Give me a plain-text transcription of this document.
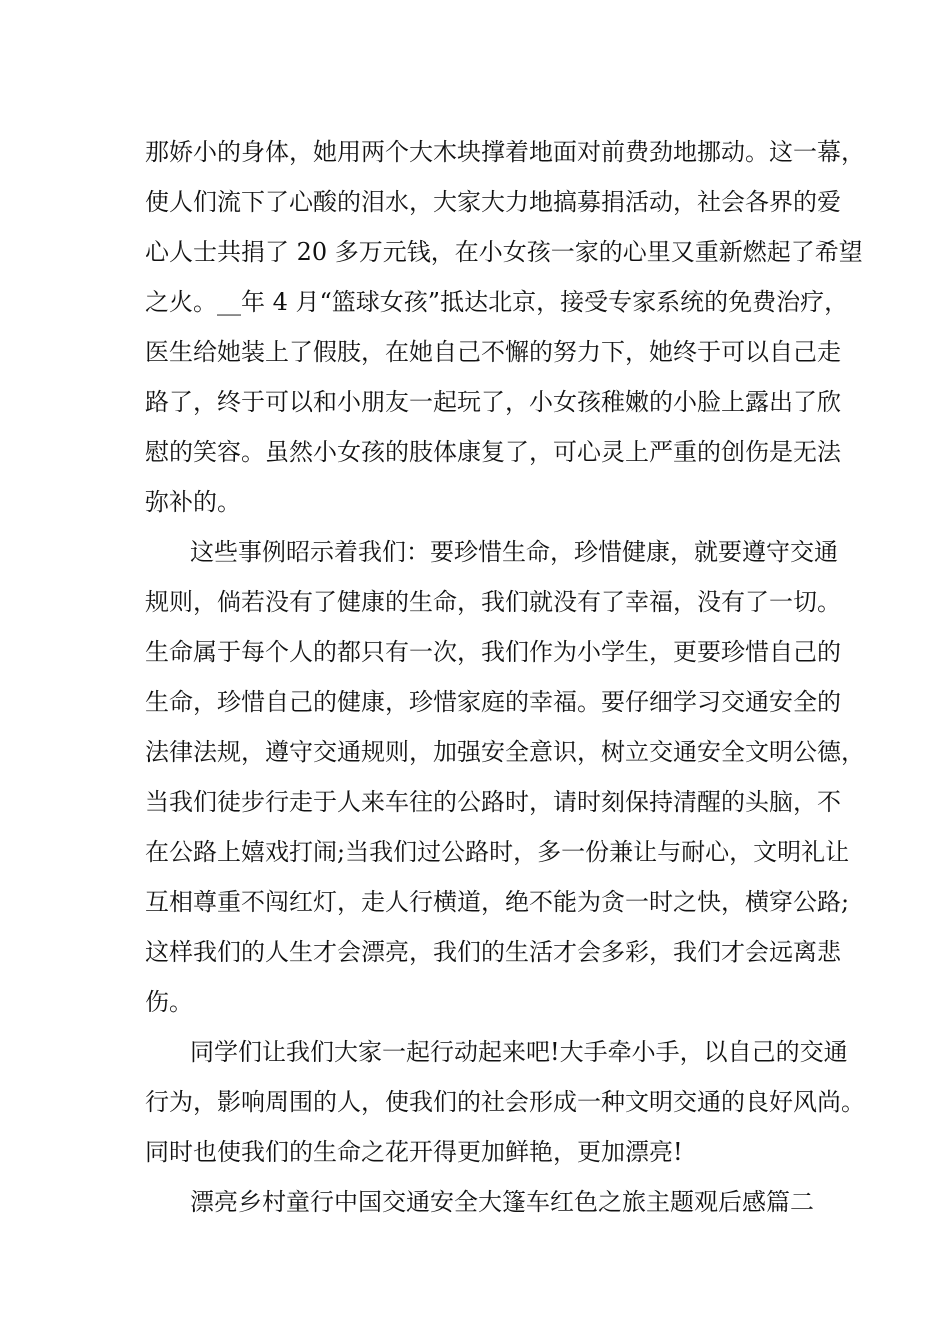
那娇小的身体，她用两个大木块撑着地面对前费劲地挪动。这一幕，
使人们流下了心酸的泪水，大家大力地搞募捐活动，社会各界的爱
心人士共捐了 20 多万元钱，在小女孩一家的心里又重新燃起了希望
之火。__年 4 月“篮球女孩”抵达北京，接受专家系统的免费治疗，
医生给她装上了假肢，在她自己不懈的努力下，她终于可以自己走
路了，终于可以和小朋友一起玩了，小女孩稚嫩的小脸上露出了欣
慰的笑容。虽然小女孩的肢体康复了，可心灵上严重的创伤是无法
弥补的。
这些事例昭示着我们：要珍惜生命，珍惜健康，就要遵守交通
规则，倘若没有了健康的生命，我们就没有了幸福，没有了一切。
生命属于每个人的都只有一次，我们作为小学生，更要珍惜自己的
生命，珍惜自己的健康，珍惜家庭的幸福。要仔细学习交通安全的
法律法规，遵守交通规则，加强安全意识，树立交通安全文明公德，
当我们徒步行走于人来车往的公路时，请时刻保持清醒的头脑，不
在公路上嬉戏打闹;当我们过公路时，多一份兼让与耐心，文明礼让
互相尊重不闯红灯，走人行横道，绝不能为贪一时之快，横穿公路;
这样我们的人生才会漂亮，我们的生活才会多彩，我们才会远离悲
伤。
同学们让我们大家一起行动起来吧!大手牵小手，以自己的交通
行为，影响周围的人，使我们的社会形成一种文明交通的良好风尚。
同时也使我们的生命之花开得更加鲜艳，更加漂亮!
漂亮乡村童行中国交通安全大篷车红色之旅主题观后感篇二
